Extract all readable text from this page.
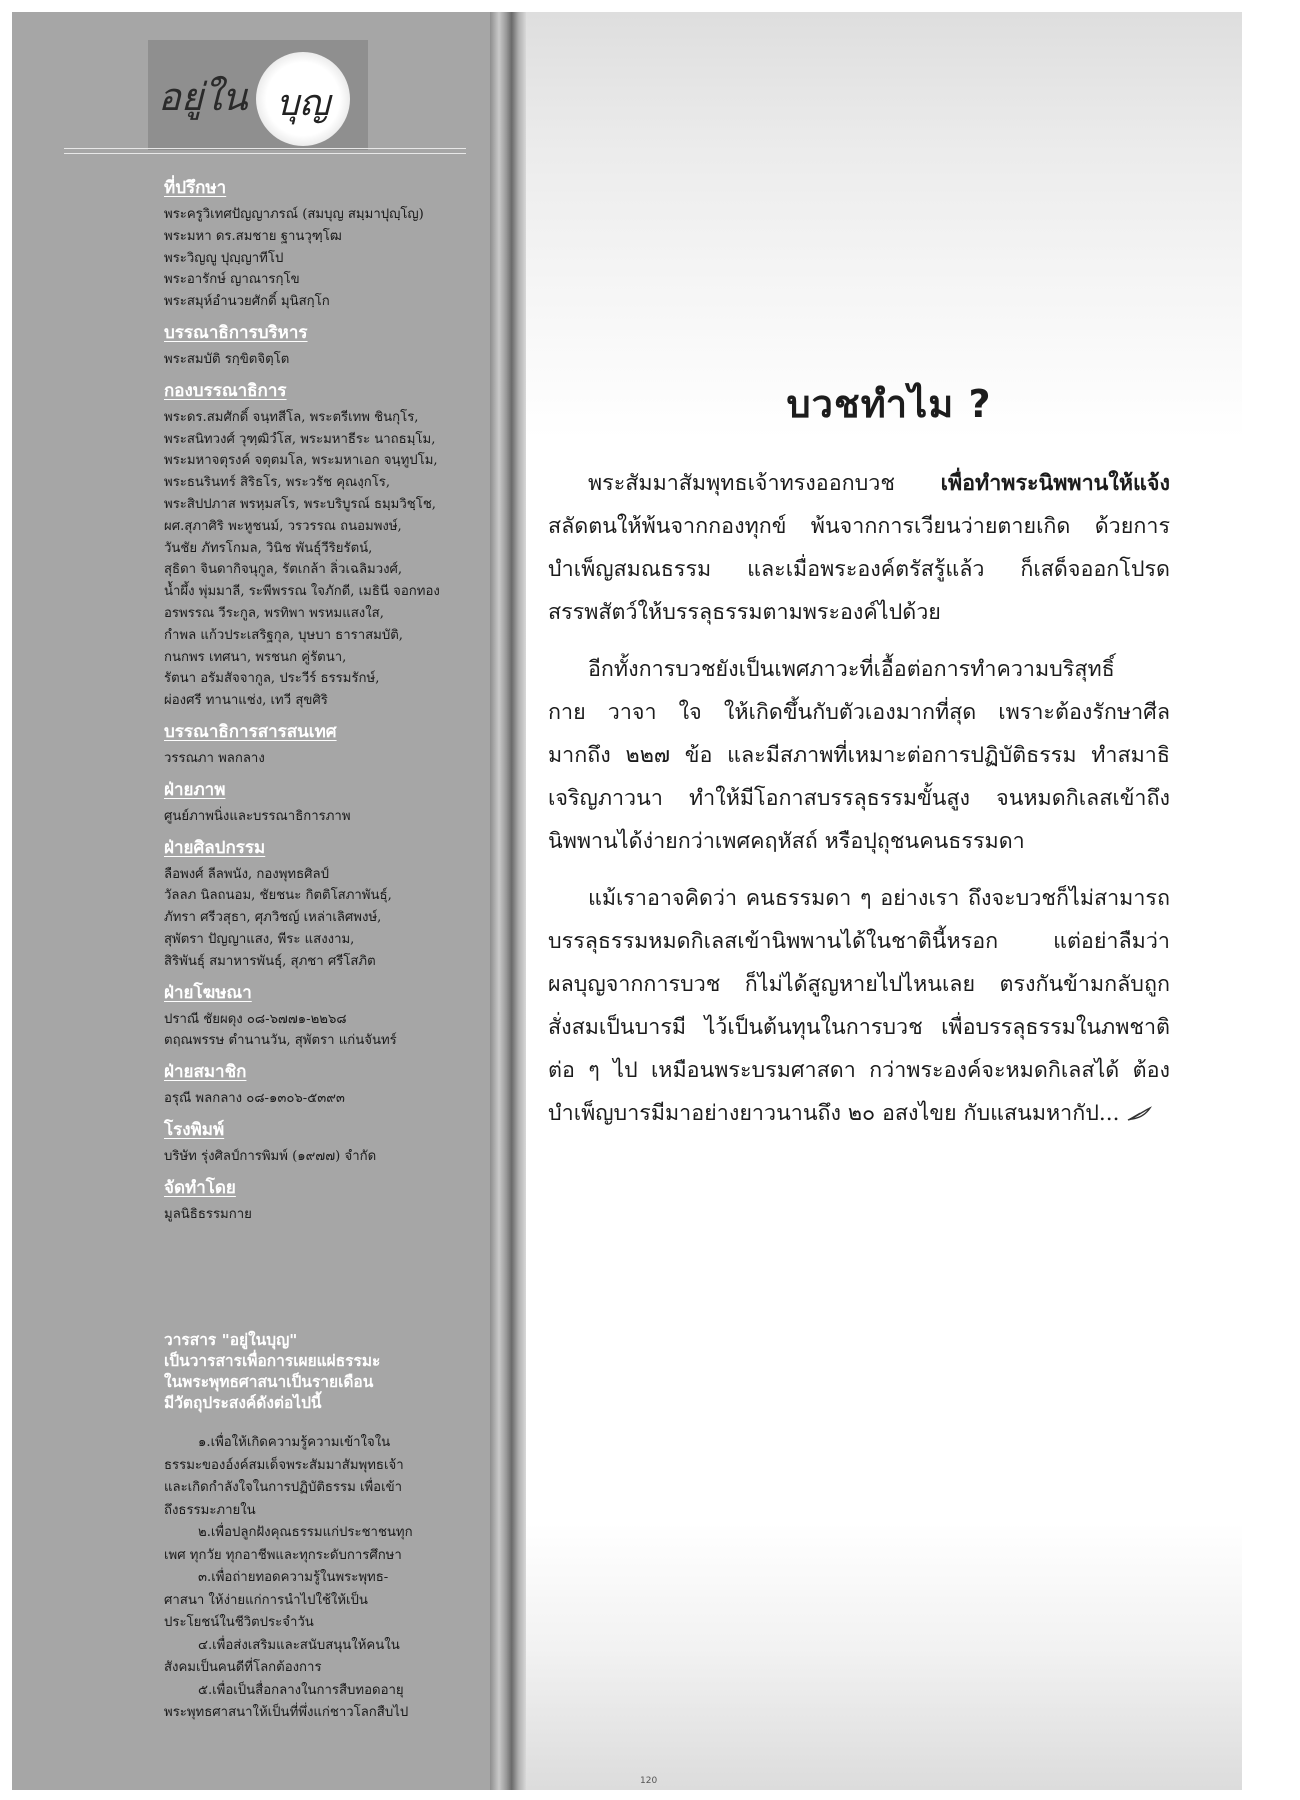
อยู่ใน บุญ
ที่ปรึกษา
พระครูวิเทศปัญญาภรณ์ (สมบุญ สมฺมาปุญฺโญ)
พระมหา ดร.สมชาย ฐานวุฑฺโฒ
พระวิญญู ปุญฺญาทีโป
พระอารักษ์ ญาณารกฺโข
พระสมุห์อำนวยศักดิ์ มุนิสกฺโก
บรรณาธิการบริหาร
พระสมบัติ รกฺขิตจิตฺโต
กองบรรณาธิการ
พระดร.สมศักดิ์ จนฺทสีโล, พระตรีเทพ ชินกุโร,
พระสนิทวงศ์ วุฑฺฒิวํโส, พระมหาธีระ นาถธมฺโม,
พระมหาจตุรงค์ จตุตมโล, พระมหาเอก จนฺทูปโม,
พระธนรินทร์ สิริธโร, พระวรัช คุณงฺกโร,
พระสิปปภาส พรหฺมสโร, พระบริบูรณ์ ธมฺมวิชฺโช,
ผศ.สุภาศิริ พะหูชนม์, วรวรรณ ถนอมพงษ์,
วันชัย ภัทรโกมล, วินิช พันธุ์วีริยรัตน์,
สุธิดา จินดากิจนุกูล, รัตเกล้า ลิ่วเฉลิมวงศ์,
น้ำผึ้ง พุ่มมาลี, ระพีพรรณ ใจภักดี, เมธินี จอกทอง
อรพรรณ วีระกูล, พรทิพา พรหมแสงใส,
กำพล แก้วประเสริฐกุล, บุษบา ธาราสมบัติ,
กนกพร เทศนา, พรชนก คู่รัตนา,
รัตนา อรัมสัจจากูล, ประวีร์ ธรรมรักษ์,
ผ่องศรี ทานาแช่ง, เทวี สุขศิริ
บรรณาธิการสารสนเทศ
วรรณภา พลกลาง
ฝ่ายภาพ
ศูนย์ภาพนิ่งและบรรณาธิการภาพ
ฝ่ายศิลปกรรม
ลือพงศ์ ลีลพนัง, กองพุทธศิลป์
วัลลภ นิลถนอม, ชัยชนะ กิตติโสภาพันธุ์,
ภัทรา ศรีวสุธา, ศุภวิชญ์ เหล่าเลิศพงษ์,
สุพัตรา ปัญญาแสง, พีระ แสงงาม,
สิริพันธุ์ สมาหารพันธุ์, สุภชา ศรีโสภิต
ฝ่ายโฆษณา
ปราณี ชัยผดุง ๐๘-๖๗๗๑-๒๒๖๘
ตฤณพรรษ ตำนานวัน, สุพัตรา แก่นจันทร์
ฝ่ายสมาชิก
อรุณี พลกลาง ๐๘-๑๓๐๖-๕๓๙๓
โรงพิมพ์
บริษัท รุ่งศิลป์การพิมพ์ (๑๙๗๗) จำกัด
จัดทำโดย
มูลนิธิธรรมกาย
วารสาร "อยู่ในบุญ"
เป็นวารสารเพื่อการเผยแผ่ธรรมะ
ในพระพุทธศาสนาเป็นรายเดือน
มีวัตถุประสงค์ดังต่อไปนี้
๑.เพื่อให้เกิดความรู้ความเข้าใจใน
ธรรมะของอ์งค์สมเด็จพระสัมมาสัมพุทธเจ้า
และเกิดกำลังใจในการปฏิบัติธรรม เพื่อเข้า
ถึงธรรมะภายใน
๒.เพื่อปลูกฝังคุณธรรมแก่ประชาชนทุก
เพศ ทุกวัย ทุกอาชีพและทุกระดับการศึกษา
๓.เพื่อถ่ายทอดความรู้ในพระพุทธ-
ศาสนา ให้ง่ายแก่การนำไปใช้ให้เป็น
ประโยชน์ในชีวิตประจำวัน
๔.เพื่อส่งเสริมและสนับสนุนให้คนใน
สังคมเป็นคนดีที่โลกต้องการ
๕.เพื่อเป็นสื่อกลางในการสืบทอดอายุ
พระพุทธศาสนาให้เป็นที่พึ่งแก่ชาวโลกสืบไป
บวชทำไม ?
พระสัมมาสัมพุทธเจ้าทรงออกบวช เพื่อทำพระนิพพานให้แจ้ง
สลัดตนให้พ้นจากกองทุกข์ พ้นจากการเวียนว่ายตายเกิด ด้วยการ
บำเพ็ญสมณธรรม และเมื่อพระองค์ตรัสรู้แล้ว ก็เสด็จออกโปรด
สรรพสัตว์ให้บรรลุธรรมตามพระองค์ไปด้วย
อีกทั้งการบวชยังเป็นเพศภาวะที่เอื้อต่อการทำความบริสุทธิ์
กาย วาจา ใจ ให้เกิดขึ้นกับตัวเองมากที่สุด เพราะต้องรักษาศีล
มากถึง ๒๒๗ ข้อ และมีสภาพที่เหมาะต่อการปฏิบัติธรรม ทำสมาธิ
เจริญภาวนา ทำให้มีโอกาสบรรลุธรรมขั้นสูง จนหมดกิเลสเข้าถึง
นิพพานได้ง่ายกว่าเพศคฤหัสถ์ หรือปุถุชนคนธรรมดา
แม้เราอาจคิดว่า คนธรรมดา ๆ อย่างเรา ถึงจะบวชก็ไม่สามารถ
บรรลุธรรมหมดกิเลสเข้านิพพานได้ในชาตินี้หรอก แต่อย่าลืมว่า
ผลบุญจากการบวช ก็ไม่ได้สูญหายไปไหนเลย ตรงกันข้ามกลับถูก
สั่งสมเป็นบารมี ไว้เป็นต้นทุนในการบวช เพื่อบรรลุธรรมในภพชาติ
ต่อ ๆ ไป เหมือนพระบรมศาสดา กว่าพระองค์จะหมดกิเลสได้ ต้อง
บำเพ็ญบารมีมาอย่างยาวนานถึง ๒๐ อสงไขย กับแสนมหากัป...
120
